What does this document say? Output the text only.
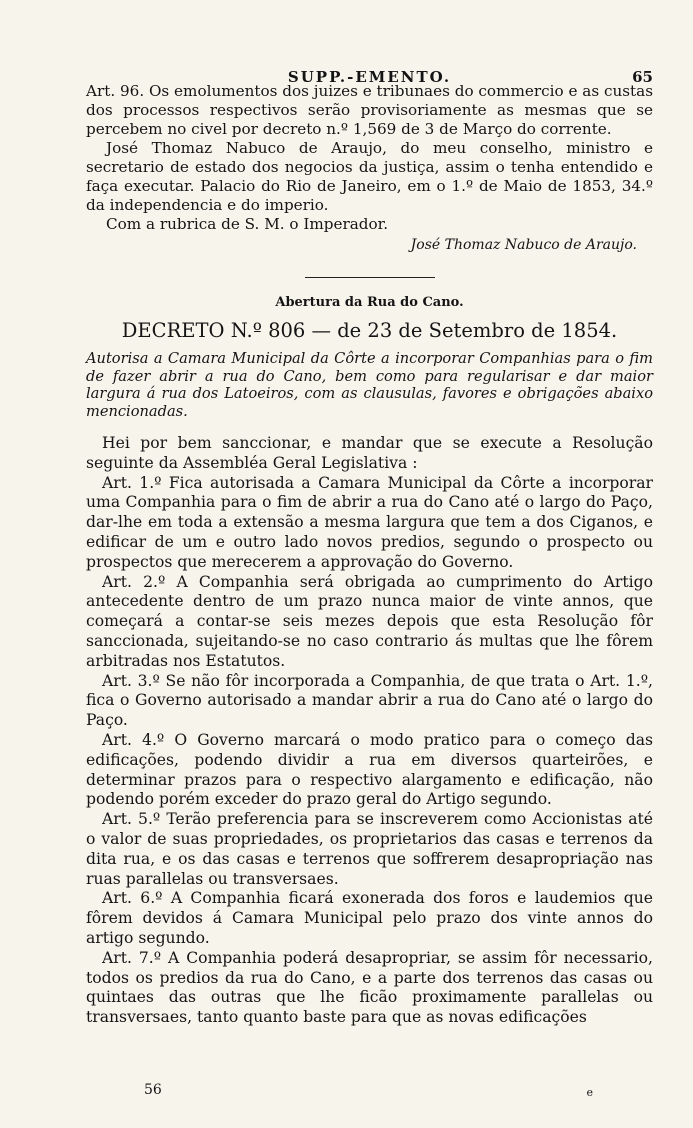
SUPP.-EMENTO.	65

Art. 96. Os emolumentos dos juizes e tribunaes do commercio e as custas dos processos respectivos serão provisoriamente as mesmas que se percebem no civel por decreto n.º 1,569 de 3 de Março do corrente.

José Thomaz Nabuco de Araujo, do meu conselho, ministro e secretario de estado dos negocios da justiça, assim o tenha entendido e faça executar. Palacio do Rio de Janeiro, em o 1.º de Maio de 1853, 34.º da independencia e do imperio.

Com a rubrica de S. M. o Imperador.

José Thomaz Nabuco de Araujo.
Abertura da Rua do Cano.
DECRETO N.º 806 — de 23 de Setembro de 1854.

Autorisa a Camara Municipal da Côrte a incorporar Companhias para o fim de fazer abrir a rua do Cano, bem como para regularisar e dar maior largura á rua dos Latoeiros, com as clausulas, favores e obrigações abaixo mencionadas.

Hei por bem sanccionar, e mandar que se execute a Resolução seguinte da Assembléa Geral Legislativa :

Art. 1.º Fica autorisada a Camara Municipal da Côrte a incorporar uma Companhia para o fim de abrir a rua do Cano até o largo do Paço, dar-lhe em toda a extensão a mesma largura que tem a dos Ciganos, e edificar de um e outro lado novos predios, segundo o prospecto ou prospectos que merecerem a approvação do Governo.

Art. 2.º A Companhia será obrigada ao cumprimento do Artigo antecedente dentro de um prazo nunca maior de vinte annos, que começará a contar-se seis mezes depois que esta Resolução fôr sanccionada, sujeitando-se no caso contrario ás multas que lhe fôrem arbitradas nos Estatutos.

Art. 3.º Se não fôr incorporada a Companhia, de que trata o Art. 1.º, fica o Governo autorisado a mandar abrir a rua do Cano até o largo do Paço.

Art. 4.º O Governo marcará o modo pratico para o começo das edificações, podendo dividir a rua em diversos quarteirões, e determinar prazos para o respectivo alargamento e edificação, não podendo porém exceder do prazo geral do Artigo segundo.

Art. 5.º Terão preferencia para se inscreverem como Accionistas até o valor de suas propriedades, os proprietarios das casas e terrenos da dita rua, e os das casas e terrenos que soffrerem desapropriação nas ruas parallelas ou transversaes.

Art. 6.º A Companhia ficará exonerada dos foros e laudemios que fôrem devidos á Camara Municipal pelo prazo dos vinte annos do artigo segundo.

Art. 7.º A Companhia poderá desapropriar, se assim fôr necessario, todos os predios da rua do Cano, e a parte dos terrenos das casas ou quintaes das outras que lhe ficão proximamente parallelas ou transversaes, tanto quanto baste para que as novas edificações

56	e
